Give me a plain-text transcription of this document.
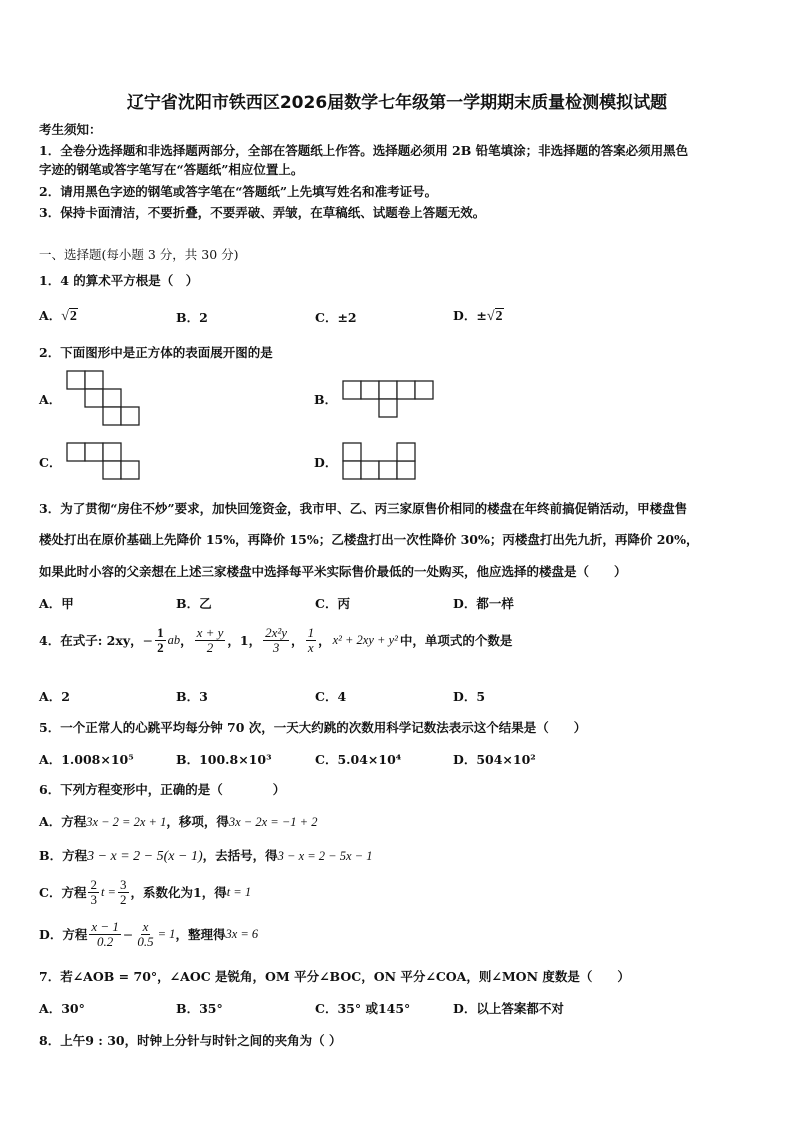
辽宁省沈阳市铁西区2026届数学七年级第一学期期末质量检测模拟试题
考生须知：
1．全卷分选择题和非选择题两部分，全部在答题纸上作答。选择题必须用 2B 铅笔填涂；非选择题的答案必须用黑色
字迹的钢笔或答字笔写在“答题纸”相应位置上。
2．请用黑色字迹的钢笔或答字笔在“答题纸”上先填写姓名和准考证号。
3．保持卡面清洁，不要折叠，不要弄破、弄皱，在草稿纸、试题卷上答题无效。
一、选择题(每小题 3 分，共 30 分)
1．4 的算术平方根是（　）
A．√2	B．2	C．±2	D．±√2
2．下面图形中是正方体的表面展开图的是
A．	B．
C．	D．
3．为了贯彻“房住不炒”要求，加快回笼资金，我市甲、乙、丙三家原售价相同的楼盘在年终前搞促销活动，甲楼盘售
楼处打出在原价基础上先降价 15%，再降价 15%；乙楼盘打出一次性降价 30%；丙楼盘打出先九折，再降价 20%，
如果此时小容的父亲想在上述三家楼盘中选择每平米实际售价最低的一处购买，他应选择的楼盘是（　　）
A．甲	B．乙	C．丙	D．都一样
4．在式子: 2xy， − $\frac{1}{2}$ ab ， $\frac{x + y}{2}$ ， 1， $\frac{\text{2x²y}}{3}$ ， $\frac{1}{x}$ ， x² + 2xy + y² 中，单项式的个数是
A．2	B．3	C．4	D．5
5．一个正常人的心跳平均每分钟 70 次，一天大约跳的次数用科学记数法表示这个结果是（　　）
A．1.008×10⁵	B．100.8×10³	C．5.04×10⁴	D．504×10²
6．下列方程变形中，正确的是（　　　　）
A．方程3x − 2 = 2x + 1，移项，得3x − 2x = −1 + 2
B．方程3 − x = 2 − 5(x − 1)，去括号，得3 − x = 2 − 5x − 1
C．方程 $\frac{2}{3}$ $t = \frac{3}{2}$ ，系数化为1，得 t = 1
D．方程 $\frac{x - 1}{0.2} - \frac{x}{0.5} = 1$ ，整理得 3x = 6
7．若∠AOB = 70°，∠AOC 是锐角，OM 平分∠BOC，ON 平分∠COA，则∠MON 度数是（　　）
A．30°	B．35°	C．35° 或145°	D．以上答案都不对
8．上午9 : 30，时钟上分针与时针之间的夹角为（ ）
